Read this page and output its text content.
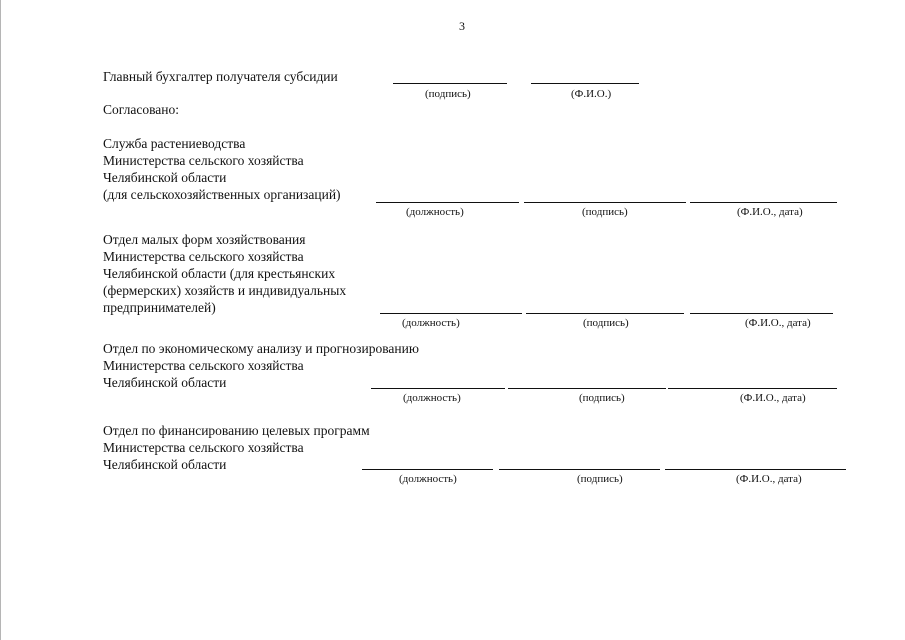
3
Главный бухгалтер получателя субсидии
(подпись)	(Ф.И.О.)
Согласовано:
Служба растениеводства
Министерства сельского хозяйства
Челябинской области
(для сельскохозяйственных организаций)
(должность)	(подпись)	(Ф.И.О., дата)
Отдел малых форм хозяйствования
Министерства сельского хозяйства
Челябинской области (для крестьянских
(фермерских) хозяйств и индивидуальных
предпринимателей)
(должность)	(подпись)	(Ф.И.О., дата)
Отдел по экономическому анализу и прогнозированию
Министерства сельского хозяйства
Челябинской области
(должность)	(подпись)	(Ф.И.О., дата)
Отдел по финансированию целевых программ
Министерства сельского хозяйства
Челябинской области
(должность)	(подпись)	(Ф.И.О., дата)
